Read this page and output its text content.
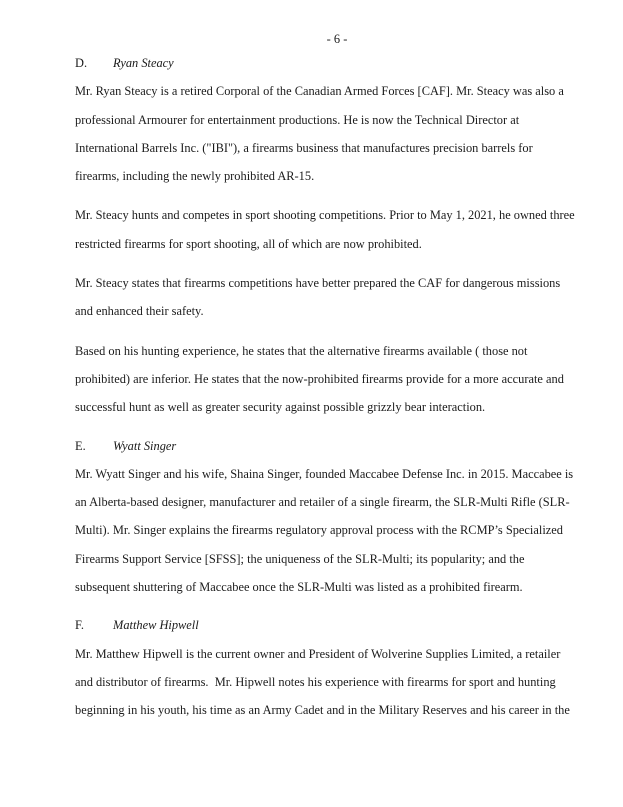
- 6 -
D. Ryan Steacy
Mr. Ryan Steacy is a retired Corporal of the Canadian Armed Forces [CAF]. Mr. Steacy was also a
professional Armourer for entertainment productions. He is now the Technical Director at
International Barrels Inc. ("IBI"), a firearms business that manufactures precision barrels for
firearms, including the newly prohibited AR-15.
Mr. Steacy hunts and competes in sport shooting competitions. Prior to May 1, 2021, he owned three
restricted firearms for sport shooting, all of which are now prohibited.
Mr. Steacy states that firearms competitions have better prepared the CAF for dangerous missions
and enhanced their safety.
Based on his hunting experience, he states that the alternative firearms available ( those not
prohibited) are inferior. He states that the now-prohibited firearms provide for a more accurate and
successful hunt as well as greater security against possible grizzly bear interaction.
E. Wyatt Singer
Mr. Wyatt Singer and his wife, Shaina Singer, founded Maccabee Defense Inc. in 2015. Maccabee is
an Alberta-based designer, manufacturer and retailer of a single firearm, the SLR-Multi Rifle (SLR-
Multi). Mr. Singer explains the firearms regulatory approval process with the RCMP’s Specialized
Firearms Support Service [SFSS]; the uniqueness of the SLR-Multi; its popularity; and the
subsequent shuttering of Maccabee once the SLR-Multi was listed as a prohibited firearm.
F. Matthew Hipwell
Mr. Matthew Hipwell is the current owner and President of Wolverine Supplies Limited, a retailer
and distributor of firearms.  Mr. Hipwell notes his experience with firearms for sport and hunting
beginning in his youth, his time as an Army Cadet and in the Military Reserves and his career in the
